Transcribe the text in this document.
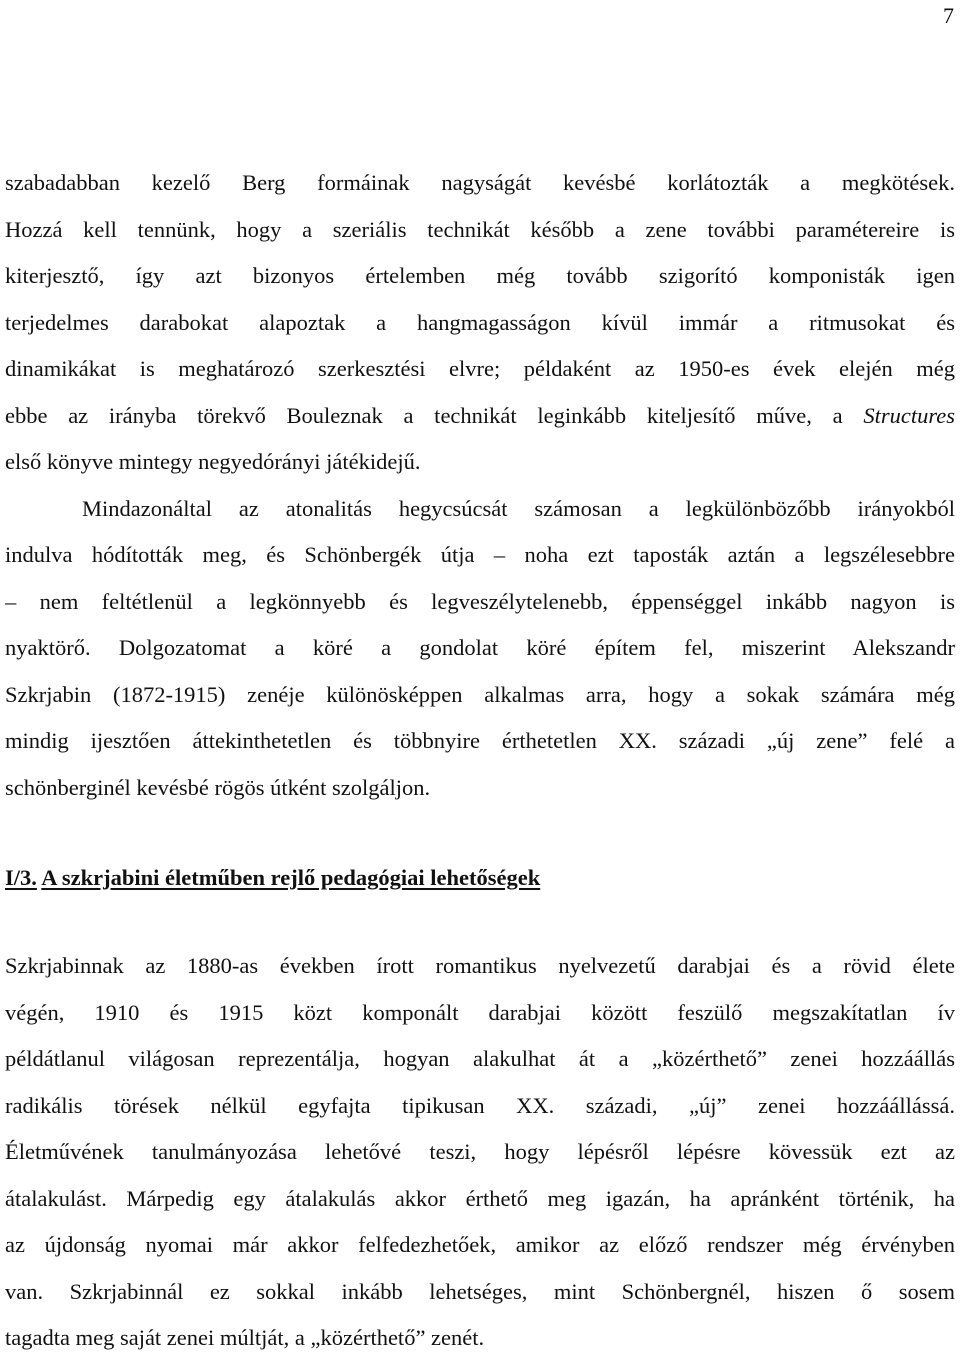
7
szabadabban kezelő Berg formáinak nagyságát kevésbé korlátozták a megkötések.
Hozzá kell tennünk, hogy a szeriális technikát később a zene további paramétereire is
kiterjesztő, így azt bizonyos értelemben még tovább szigorító komponisták igen
terjedelmes darabokat alapoztak a hangmagasságon kívül immár a ritmusokat és
dinamikákat is meghatározó szerkesztési elvre; példaként az 1950-es évek elején még
ebbe az irányba törekvő Bouleznak a technikát leginkább kiteljesítő műve, a Structures
első könyve mintegy negyedórányi játékidejű.
Mindazonáltal az atonalitás hegycsúcsát számosan a legkülönbözőbb irányokból
indulva hódították meg, és Schönbergék útja – noha ezt taposták aztán a legszélesebbre
– nem feltétlenül a legkönnyebb és legveszélytelenebb, éppenséggel inkább nagyon is
nyaktörő. Dolgozatomat a köré a gondolat köré építem fel, miszerint Alekszandr
Szkrjabin (1872-1915) zenéje különösképpen alkalmas arra, hogy a sokak számára még
mindig ijesztően áttekinthetetlen és többnyire érthetetlen XX. századi „új zene” felé a
schönberginél kevésbé rögös útként szolgáljon.
I/3. A szkrjabini életműben rejlő pedagógiai lehetőségek
Szkrjabinnak az 1880-as években írott romantikus nyelvezetű darabjai és a rövid élete
végén, 1910 és 1915 közt komponált darabjai között feszülő megszakítatlan ív
példátlanul világosan reprezentálja, hogyan alakulhat át a „közérthető” zenei hozzáállás
radikális törések nélkül egyfajta tipikusan XX. századi, „új” zenei hozzáállássá.
Életművének tanulmányozása lehetővé teszi, hogy lépésről lépésre kövessük ezt az
átalakulást. Márpedig egy átalakulás akkor érthető meg igazán, ha apránként történik, ha
az újdonság nyomai már akkor felfedezhetőek, amikor az előző rendszer még érvényben
van. Szkrjabinnál ez sokkal inkább lehetséges, mint Schönbergnél, hiszen ő sosem
tagadta meg saját zenei múltját, a „közérthető” zenét.
